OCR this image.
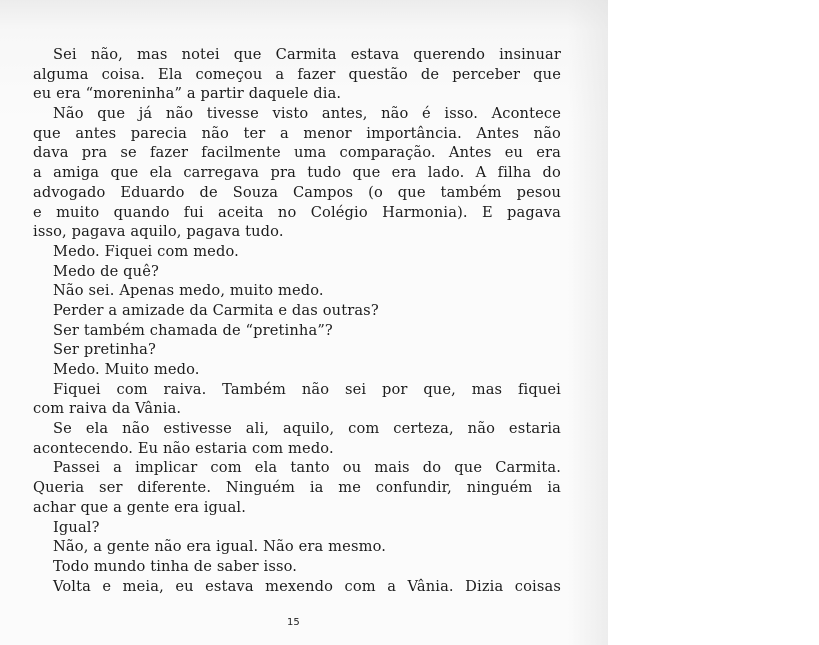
Sei não, mas notei que Carmita estava querendo insinuar
alguma coisa. Ela começou a fazer questão de perceber que
eu era “moreninha” a partir daquele dia.
Não que já não tivesse visto antes, não é isso. Acontece
que antes parecia não ter a menor importância. Antes não
dava pra se fazer facilmente uma comparação. Antes eu era
a amiga que ela carregava pra tudo que era lado. A filha do
advogado Eduardo de Souza Campos (o que também pesou
e muito quando fui aceita no Colégio Harmonia). E pagava
isso, pagava aquilo, pagava tudo.
Medo. Fiquei com medo.
Medo de quê?
Não sei. Apenas medo, muito medo.
Perder a amizade da Carmita e das outras?
Ser também chamada de “pretinha”?
Ser pretinha?
Medo. Muito medo.
Fiquei com raiva. Também não sei por que, mas fiquei
com raiva da Vânia.
Se ela não estivesse ali, aquilo, com certeza, não estaria
acontecendo. Eu não estaria com medo.
Passei a implicar com ela tanto ou mais do que Carmita.
Queria ser diferente. Ninguém ia me confundir, ninguém ia
achar que a gente era igual.
Igual?
Não, a gente não era igual. Não era mesmo.
Todo mundo tinha de saber isso.
Volta e meia, eu estava mexendo com a Vânia. Dizia coisas
15
